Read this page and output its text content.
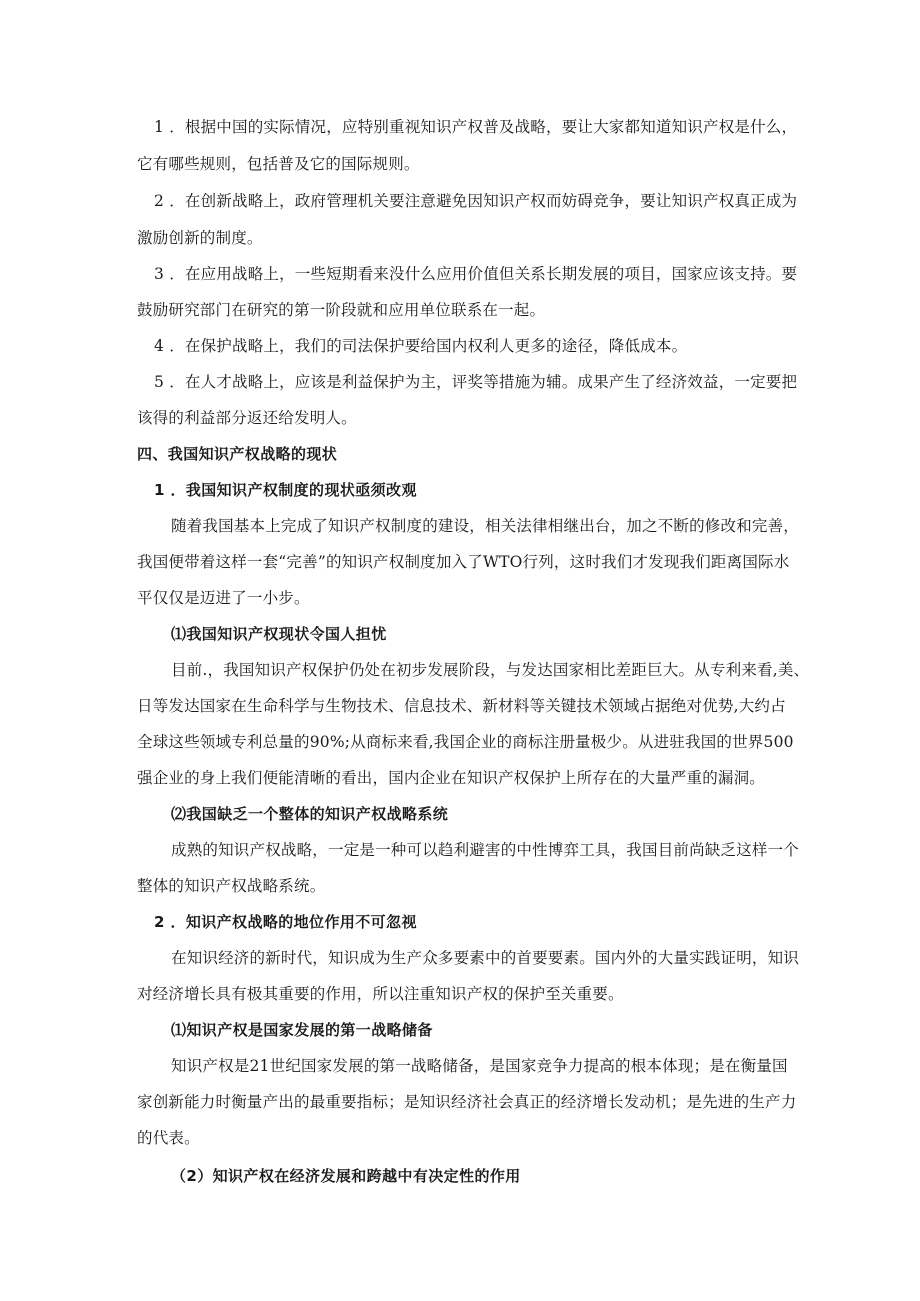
1 ．根据中国的实际情况，应特别重视知识产权普及战略，要让大家都知道知识产权是什么，

它有哪些规则，包括普及它的国际规则。

2 ．在创新战略上，政府管理机关要注意避免因知识产权而妨碍竞争，要让知识产权真正成为

激励创新的制度。

3 ．在应用战略上，一些短期看来没什么应用价值但关系长期发展的项目，国家应该支持。要

鼓励研究部门在研究的第一阶段就和应用单位联系在一起。

4 ．在保护战略上，我们的司法保护要给国内权利人更多的途径，降低成本。

5 ．在人才战略上，应该是利益保护为主，评奖等措施为辅。成果产生了经济效益，一定要把

该得的利益部分返还给发明人。

四、我国知识产权战略的现状

1 ．我国知识产权制度的现状亟须改观

随着我国基本上完成了知识产权制度的建设，相关法律相继出台，加之不断的修改和完善，

我国便带着这样一套“完善”的知识产权制度加入了WTO行列，这时我们才发现我们距离国际水

平仅仅是迈进了一小步。

⑴我国知识产权现状令国人担忧

目前.，我国知识产权保护仍处在初步发展阶段，与发达国家相比差距巨大。从专利来看,美、

日等发达国家在生命科学与生物技术、信息技术、新材料等关键技术领域占据绝对优势,大约占

全球这些领域专利总量的90%;从商标来看,我国企业的商标注册量极少。从进驻我国的世界500

强企业的身上我们便能清晰的看出，国内企业在知识产权保护上所存在的大量严重的漏洞。

⑵我国缺乏一个整体的知识产权战略系统

成熟的知识产权战略，一定是一种可以趋利避害的中性博弈工具，我国目前尚缺乏这样一个

整体的知识产权战略系统。

2 ．知识产权战略的地位作用不可忽视

在知识经济的新时代，知识成为生产众多要素中的首要要素。国内外的大量实践证明，知识

对经济增长具有极其重要的作用，所以注重知识产权的保护至关重要。

⑴知识产权是国家发展的第一战略储备

知识产权是21世纪国家发展的第一战略储备，是国家竞争力提高的根本体现；是在衡量国

家创新能力时衡量产出的最重要指标；是知识经济社会真正的经济增长发动机；是先进的生产力

的代表。

（2）知识产权在经济发展和跨越中有决定性的作用
